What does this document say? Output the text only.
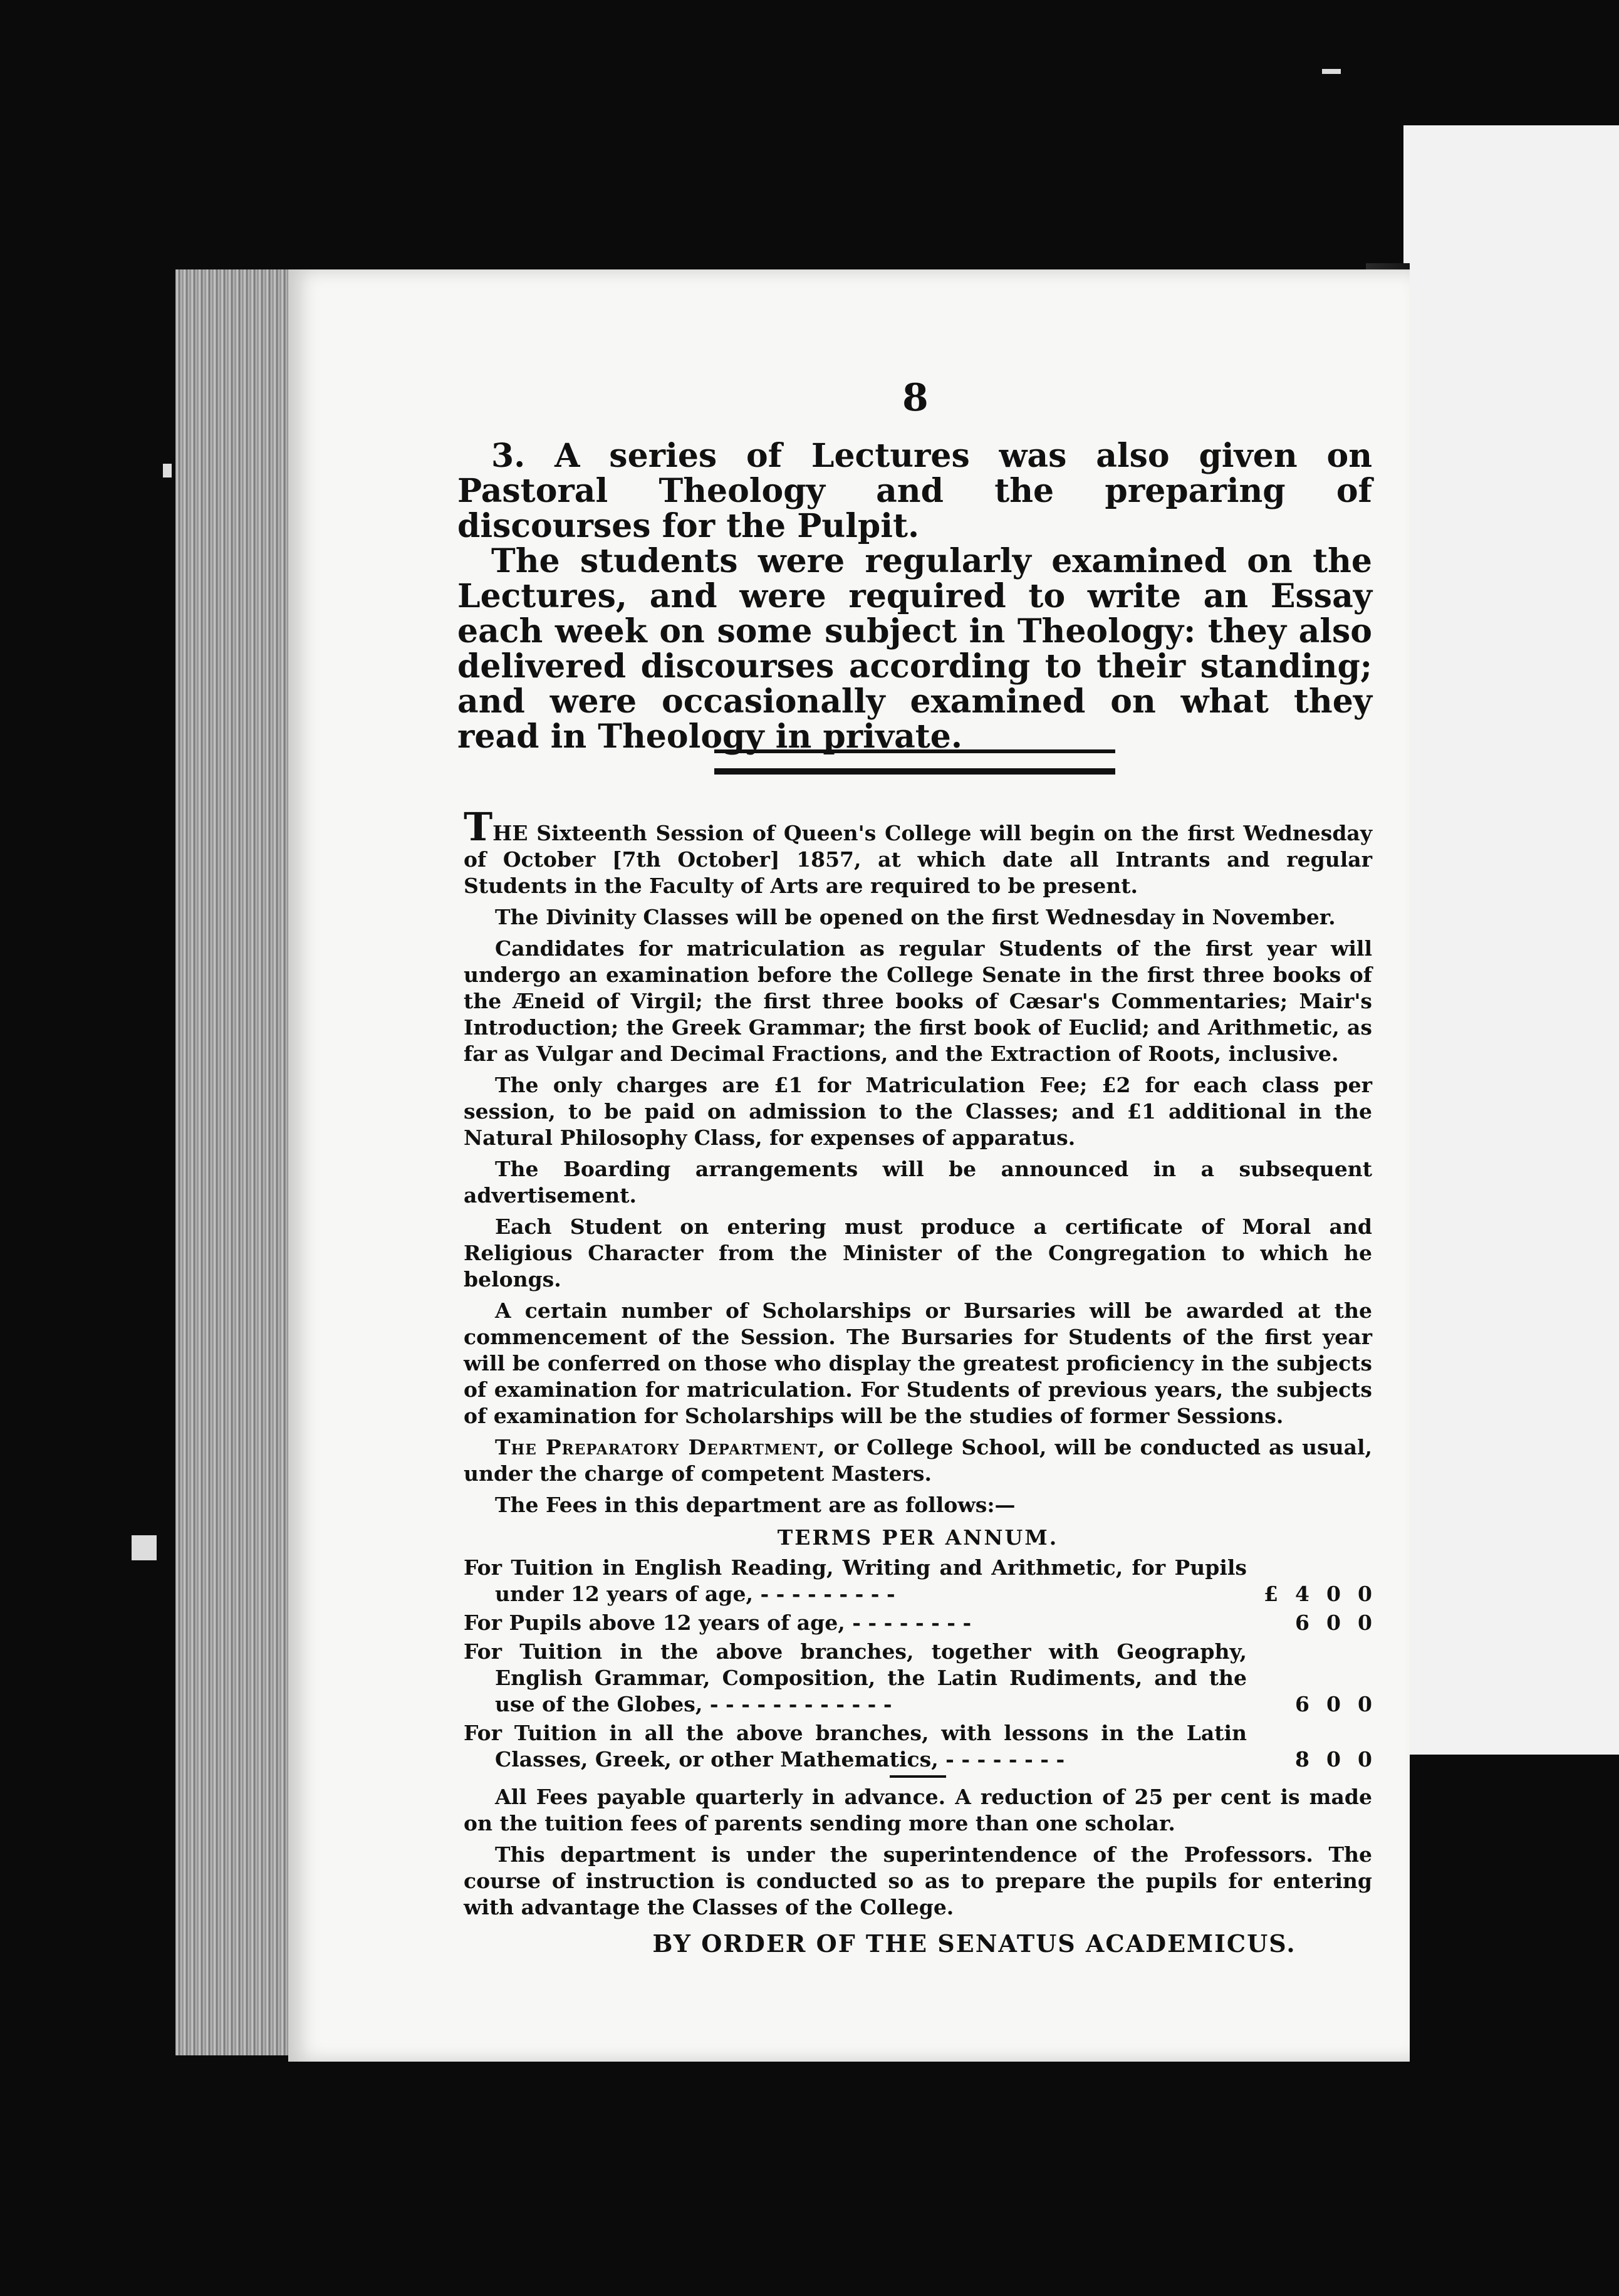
8

3. A series of Lectures was also given on Pastoral Theology and the preparing of discourses for the Pulpit.

The students were regularly examined on the Lectures, and were required to write an Essay each week on some subject in Theology: they also delivered discourses according to their standing; and were occasionally examined on what they read in Theology in private.

THE Sixteenth Session of Queen's College will begin on the first Wednesday of October [7th October] 1857, at which date all Intrants and regular Students in the Faculty of Arts are required to be present.

The Divinity Classes will be opened on the first Wednesday in November.

Candidates for matriculation as regular Students of the first year will undergo an examination before the College Senate in the first three books of the Æneid of Virgil; the first three books of Cæsar's Commentaries; Mair's Introduction; the Greek Grammar; the first book of Euclid; and Arithmetic, as far as Vulgar and Decimal Fractions, and the Extraction of Roots, inclusive.

The only charges are £1 for Matriculation Fee; £2 for each class per session, to be paid on admission to the Classes; and £1 additional in the Natural Philosophy Class, for expenses of apparatus.

The Boarding arrangements will be announced in a subsequent advertisement.

Each Student on entering must produce a certificate of Moral and Religious Character from the Minister of the Congregation to which he belongs.

A certain number of Scholarships or Bursaries will be awarded at the commencement of the Session. The Bursaries for Students of the first year will be conferred on those who display the greatest proficiency in the subjects of examination for matriculation. For Students of previous years, the subjects of examination for Scholarships will be the studies of former Sessions.

The Preparatory Department, or College School, will be conducted as usual, under the charge of competent Masters.

The Fees in this department are as follows:—

TERMS PER ANNUM.
For Tuition in English Reading, Writing and Arithmetic, for Pupils under 12 years of age, - - - - - - - - -	£ 4 0 0
For Pupils above 12 years of age, - - - - - - - -	6 0 0
For Tuition in the above branches, together with Geography, English Grammar, Composition, the Latin Rudiments, and the use of the Globes, - - - - - - - - - - - -	6 0 0
For Tuition in all the above branches, with lessons in the Latin Classes, Greek, or other Mathematics, - - - - - - - -	8 0 0

All Fees payable quarterly in advance. A reduction of 25 per cent is made on the tuition fees of parents sending more than one scholar.

This department is under the superintendence of the Professors. The course of instruction is conducted so as to prepare the pupils for entering with advantage the Classes of the College.

BY ORDER OF THE SENATUS ACADEMICUS.
